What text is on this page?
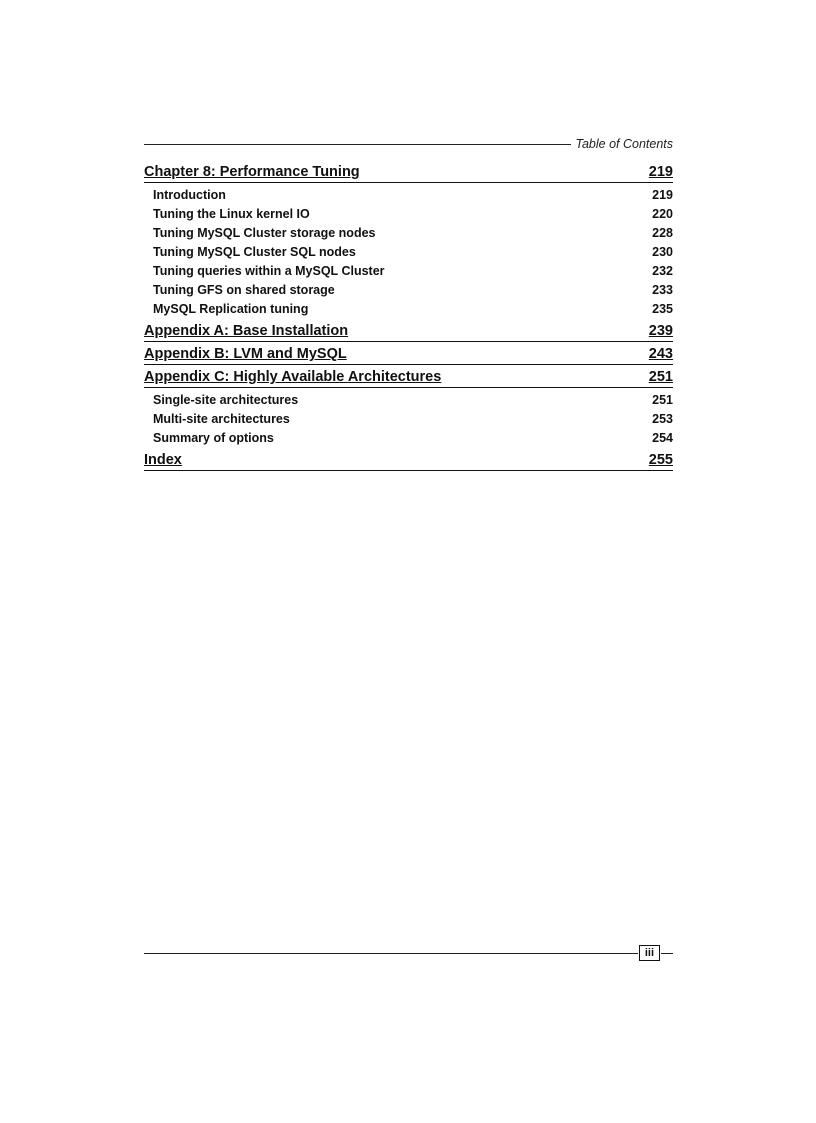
Table of Contents
Chapter 8: Performance Tuning	219
Introduction	219
Tuning the Linux kernel IO	220
Tuning MySQL Cluster storage nodes	228
Tuning MySQL Cluster SQL nodes	230
Tuning queries within a MySQL Cluster	232
Tuning GFS on shared storage	233
MySQL Replication tuning	235
Appendix A: Base Installation	239
Appendix B: LVM and MySQL	243
Appendix C: Highly Available Architectures	251
Single-site architectures	251
Multi-site architectures	253
Summary of options	254
Index	255
iii
